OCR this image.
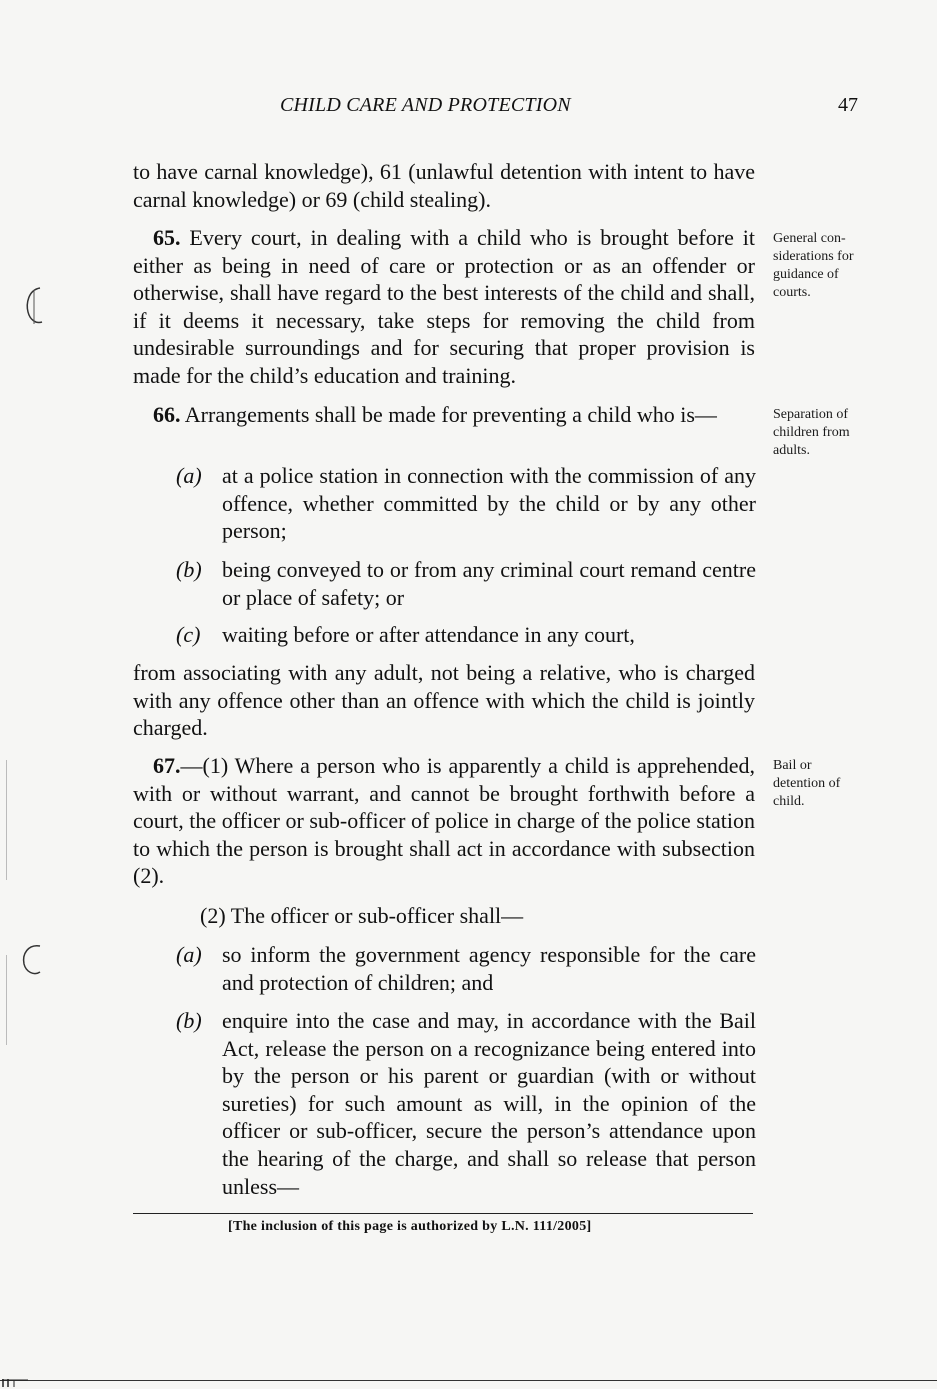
CHILD CARE AND PROTECTION	47

to have carnal knowledge), 61 (unlawful detention with intent to have carnal knowledge) or 69 (child stealing).

65. Every court, in dealing with a child who is brought before it either as being in need of care or protection or as an offender or otherwise, shall have regard to the best interests of the child and shall, if it deems it necessary, take steps for removing the child from undesirable surroundings and for securing that proper provision is made for the child’s education and training.

General con-siderations for guidance of courts.

66. Arrangements shall be made for preventing a child who is—	Separation of children from adults.
(a) at a police station in connection with the commission of any offence, whether committed by the child or by any other person;
(b) being conveyed to or from any criminal court remand centre or place of safety; or
(c) waiting before or after attendance in any court,

from associating with any adult, not being a relative, who is charged with any offence other than an offence with which the child is jointly charged.

67.—(1) Where a person who is apparently a child is apprehended, with or without warrant, and cannot be brought forthwith before a court, the officer or sub-officer of police in charge of the police station to which the person is brought shall act in accordance with subsection (2).

Bail or detention of child.
(2) The officer or sub-officer shall—
(a) so inform the government agency responsible for the care and protection of children; and
(b) enquire into the case and may, in accordance with the Bail Act, release the person on a recognizance being entered into by the person or his parent or guardian (with or without sureties) for such amount as will, in the opinion of the officer or sub-officer, secure the person’s attendance upon the hearing of the charge, and shall so release that person unless—
[The inclusion of this page is authorized by L.N. 111/2005]
